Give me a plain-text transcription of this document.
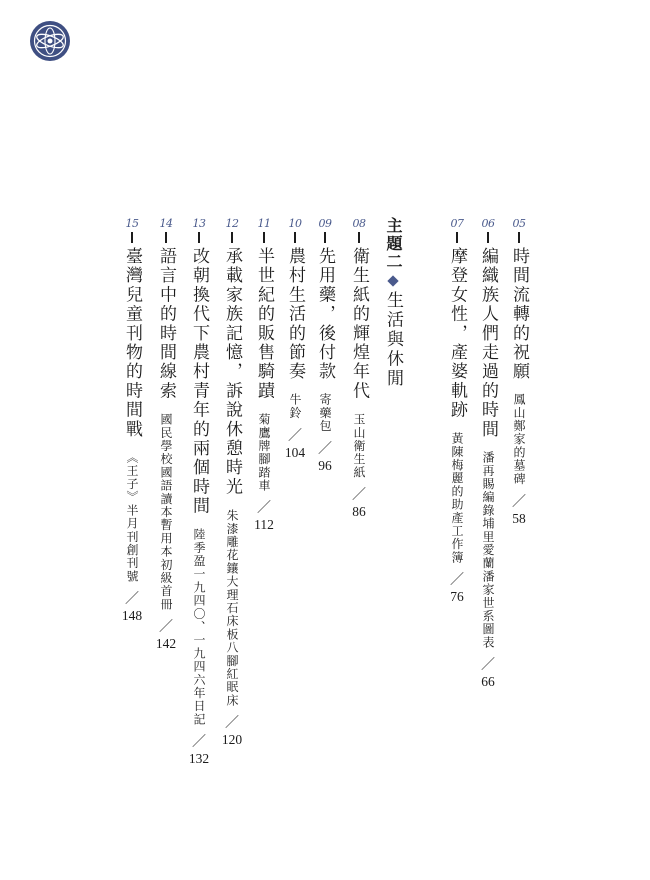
05
時間流轉的祝願
鳳山鄭家的墓碑
／
58
06
編織族人們走過的時間
潘再賜編錄埔里愛蘭潘家世系圖表
／
66
07
摩登女性，產婆軌跡
黃陳梅麗的助產工作簿
／
76
主題二
生活與休閒
08
衛生紙的輝煌年代
玉山衛生紙
／
86
09
先用藥，後付款
寄藥包
／
96
10
農村生活的節奏
牛鈴
／
104
11
半世紀的販售騎蹟
菊鷹牌腳踏車
／
112
12
承載家族記憶，訴說休憩時光
朱漆雕花鑲大理石床板八腳紅眠床
／
120
13
改朝換代下農村青年的兩個時間
陸季盈一九四〇、一九四六年日記
／
132
14
語言中的時間線索
國民學校國語讀本暫用本初級首冊
／
142
15
臺灣兒童刊物的時間戰
《王子》半月刊創刊號
／
148
